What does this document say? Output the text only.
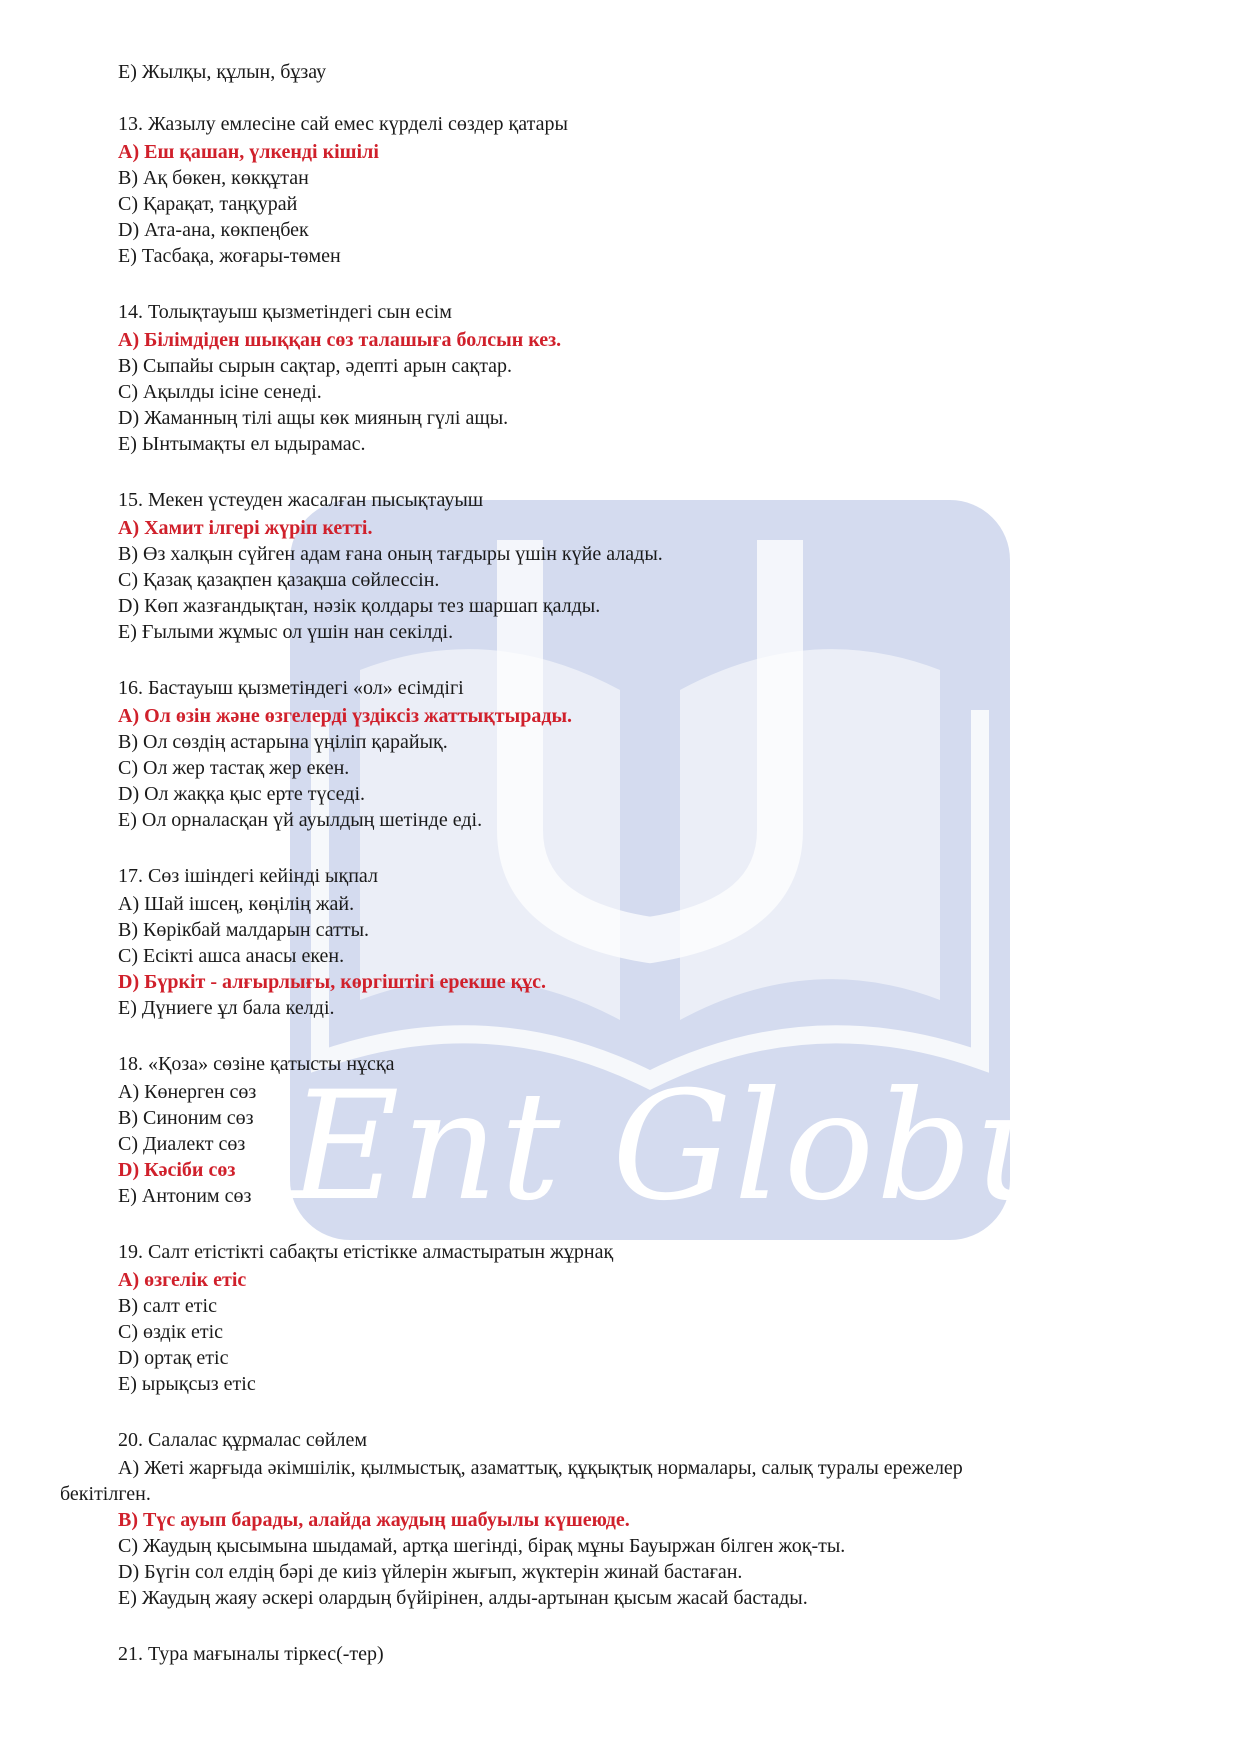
Ent Globus
E) Жылқы, құлын, бұзау
13. Жазылу емлесіне сай емес күрделі сөздер қатары
A) Еш қашан, үлкенді кішілі
B) Ақ бөкен, көкқұтан
C) Қарақат, таңқурай
D) Ата-ана, көкпеңбек
E) Тасбақа, жоғары-төмен
14. Толықтауыш қызметіндегі сын есім
A) Білімдіден шыққан сөз талашыға болсын кез.
B) Сыпайы сырын сақтар, әдепті арын сақтар.
C) Ақылды ісіне сенеді.
D) Жаманның тілі ащы көк мияның гүлі ащы.
E) Ынтымақты ел ыдырамас.
15. Мекен үстеуден жасалған пысықтауыш
A) Хамит ілгері жүріп кетті.
B) Өз халқын сүйген адам ғана оның тағдыры үшін күйе алады.
C) Қазақ қазақпен қазақша сөйлессін.
D) Көп жазғандықтан, нәзік қолдары тез шаршап қалды.
E) Ғылыми жұмыс ол үшін нан секілді.
16. Бастауыш қызметіндегі «ол» есімдігі
A) Ол өзін және өзгелерді үздіксіз жаттықтырады.
B) Ол сөздің астарына үңіліп қарайық.
C) Ол жер тастақ жер екен.
D) Ол жаққа қыс ерте түседі.
E) Ол орналасқан үй ауылдың шетінде еді.
17. Сөз ішіндегі кейінді ықпал
A) Шай ішсең, көңілің жай.
B) Көрікбай малдарын сатты.
C) Есікті ашса анасы екен.
D) Бүркіт - алғырлығы, көргіштігі ерекше құс.
E) Дүниеге ұл бала келді.
18. «Қоза» сөзіне қатысты нұсқа
A) Көнерген сөз
B) Синоним сөз
C) Диалект сөз
D) Кәсіби сөз
E) Антоним сөз
19. Салт етістікті сабақты етістікке алмастыратын жұрнақ
A) өзгелік етіс
B) салт етіс
C) өздік етіс
D) ортақ етіс
E) ырықсыз етіс
20. Салалас құрмалас сөйлем
A) Жеті жарғыда әкімшілік, қылмыстық, азаматтық, құқықтық нормалары, салық туралы ережелер
бекітілген.
B) Түс ауып барады, алайда жаудың шабуылы күшеюде.
C) Жаудың қысымына шыдамай, артқа шегінді, бірақ мұны Бауыржан білген жоқ-ты.
D) Бүгін сол елдің бәрі де киіз үйлерін жығып, жүктерін жинай бастаған.
E) Жаудың жаяу әскері олардың бүйірінен, алды-артынан қысым жасай бастады.
21. Тура мағыналы тіркес(-тер)
